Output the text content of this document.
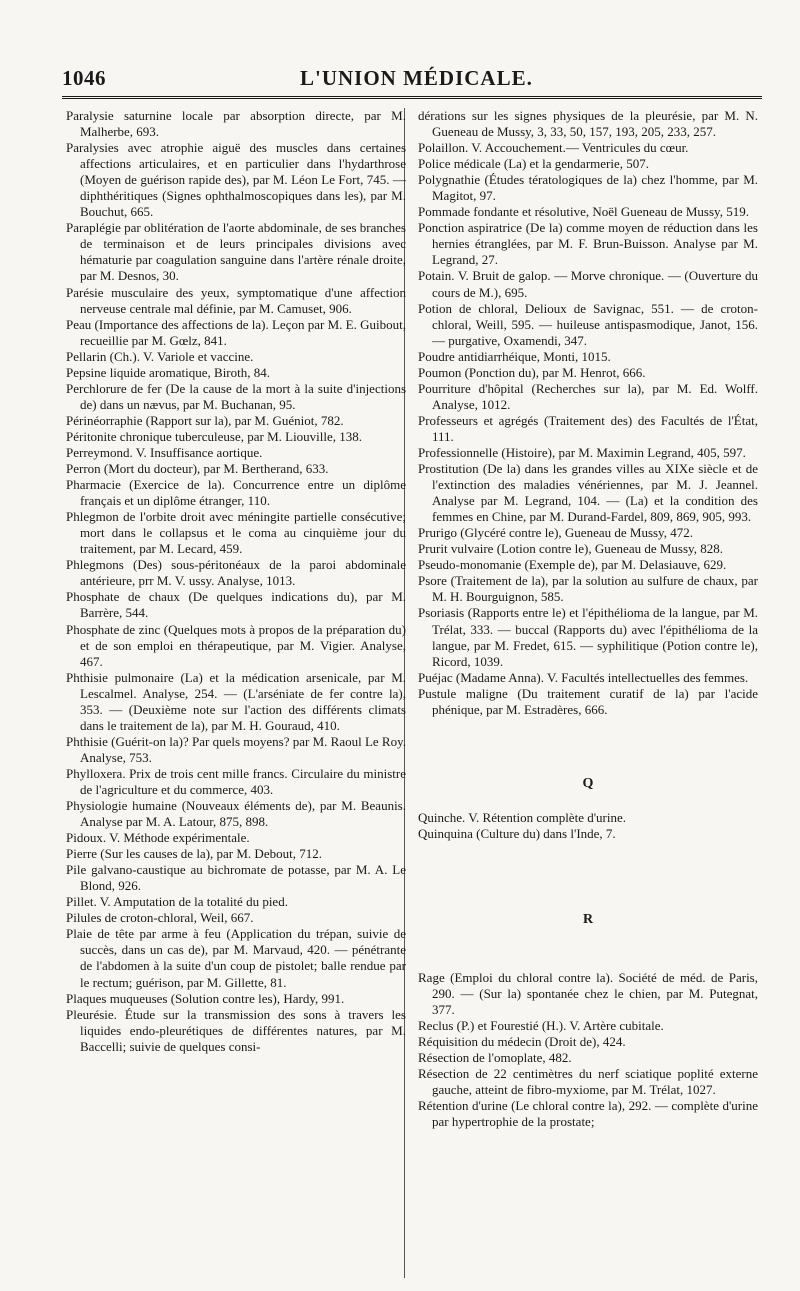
1046	L'UNION MÉDICALE.

Paralysie saturnine locale par absorption directe, par M. Malherbe, 693.

Paralysies avec atrophie aiguë des muscles dans certaines affections articulaires, et en particulier dans l'hydarthrose (Moyen de guérison rapide des), par M. Léon Le Fort, 745. — diphthéritiques (Signes ophthalmoscopiques dans les), par M. Bouchut, 665.

Paraplégie par oblitération de l'aorte abdominale, de ses branches de terminaison et de leurs principales divisions avec hématurie par coagulation sanguine dans l'artère rénale droite, par M. Desnos, 30.

Parésie musculaire des yeux, symptomatique d'une affection nerveuse centrale mal définie, par M. Camuset, 906.

Peau (Importance des affections de la). Leçon par M. E. Guibout, recueillie par M. Gœlz, 841.

Pellarin (Ch.). V. Variole et vaccine.

Pepsine liquide aromatique, Biroth, 84.

Perchlorure de fer (De la cause de la mort à la suite d'injections de) dans un nævus, par M. Buchanan, 95.

Périnéorraphie (Rapport sur la), par M. Guéniot, 782.

Péritonite chronique tuberculeuse, par M. Liouville, 138.

Perreymond. V. Insuffisance aortique.

Perron (Mort du docteur), par M. Bertherand, 633.

Pharmacie (Exercice de la). Concurrence entre un diplôme français et un diplôme étranger, 110.

Phlegmon de l'orbite droit avec méningite partielle consécutive; mort dans le collapsus et le coma au cinquième jour du traitement, par M. Lecard, 459.

Phlegmons (Des) sous-péritonéaux de la paroi abdominale antérieure, prr M. V. ussy. Analyse, 1013.

Phosphate de chaux (De quelques indications du), par M. Barrère, 544.

Phosphate de zinc (Quelques mots à propos de la préparation du) et de son emploi en thérapeutique, par M. Vigier. Analyse, 467.

Phthisie pulmonaire (La) et la médication arsenicale, par M. Lescalmel. Analyse, 254. — (L'arséniate de fer contre la), 353. — (Deuxième note sur l'action des différents climats dans le traitement de la), par M. H. Gouraud, 410.

Phthisie (Guérit-on la)? Par quels moyens? par M. Raoul Le Roy. Analyse, 753.

Phylloxera. Prix de trois cent mille francs. Circulaire du ministre de l'agriculture et du commerce, 403.

Physiologie humaine (Nouveaux éléments de), par M. Beaunis. Analyse par M. A. Latour, 875, 898.

Pidoux. V. Méthode expérimentale.

Pierre (Sur les causes de la), par M. Debout, 712.

Pile galvano-caustique au bichromate de potasse, par M. A. Le Blond, 926.

Pillet. V. Amputation de la totalité du pied.

Pilules de croton-chloral, Weil, 667.

Plaie de tête par arme à feu (Application du trépan, suivie de succès, dans un cas de), par M. Marvaud, 420. — pénétrante de l'abdomen à la suite d'un coup de pistolet; balle rendue par le rectum; guérison, par M. Gillette, 81.

Plaques muqueuses (Solution contre les), Hardy, 991.

Pleurésie. Étude sur la transmission des sons à travers les liquides endo-pleurétiques de différentes natures, par M. Baccelli; suivie de quelques consi-

dérations sur les signes physiques de la pleurésie, par M. N. Gueneau de Mussy, 3, 33, 50, 157, 193, 205, 233, 257.

Polaillon. V. Accouchement.— Ventricules du cœur.

Police médicale (La) et la gendarmerie, 507.

Polygnathie (Études tératologiques de la) chez l'homme, par M. Magitot, 97.

Pommade fondante et résolutive, Noël Gueneau de Mussy, 519.

Ponction aspiratrice (De la) comme moyen de réduction dans les hernies étranglées, par M. F. Brun-Buisson. Analyse par M. Legrand, 27.

Potain. V. Bruit de galop. — Morve chronique. — (Ouverture du cours de M.), 695.

Potion de chloral, Delioux de Savignac, 551. — de croton-chloral, Weill, 595. — huileuse antispasmodique, Janot, 156. — purgative, Oxamendi, 347.

Poudre antidiarrhéique, Monti, 1015.

Poumon (Ponction du), par M. Henrot, 666.

Pourriture d'hôpital (Recherches sur la), par M. Ed. Wolff. Analyse, 1012.

Professeurs et agrégés (Traitement des) des Facultés de l'État, 111.

Professionnelle (Histoire), par M. Maximin Legrand, 405, 597.

Prostitution (De la) dans les grandes villes au XIXe siècle et de l'extinction des maladies vénériennes, par M. J. Jeannel. Analyse par M. Legrand, 104. — (La) et la condition des femmes en Chine, par M. Durand-Fardel, 809, 869, 905, 993.

Prurigo (Glycéré contre le), Gueneau de Mussy, 472.

Prurit vulvaire (Lotion contre le), Gueneau de Mussy, 828.

Pseudo-monomanie (Exemple de), par M. Delasiauve, 629.

Psore (Traitement de la), par la solution au sulfure de chaux, par M. H. Bourguignon, 585.

Psoriasis (Rapports entre le) et l'épithélioma de la langue, par M. Trélat, 333. — buccal (Rapports du) avec l'épithélioma de la langue, par M. Fredet, 615. — syphilitique (Potion contre le), Ricord, 1039.

Puéjac (Madame Anna). V. Facultés intellectuelles des femmes.

Pustule maligne (Du traitement curatif de la) par l'acide phénique, par M. Estradères, 666.

Q

Quinche. V. Rétention complète d'urine.

Quinquina (Culture du) dans l'Inde, 7.

R

Rage (Emploi du chloral contre la). Société de méd. de Paris, 290. — (Sur la) spontanée chez le chien, par M. Putegnat, 377.

Reclus (P.) et Fourestié (H.). V. Artère cubitale.

Réquisition du médecin (Droit de), 424.

Résection de l'omoplate, 482.

Résection de 22 centimètres du nerf sciatique poplité externe gauche, atteint de fibro-myxiome, par M. Trélat, 1027.

Rétention d'urine (Le chloral contre la), 292. — complète d'urine par hypertrophie de la prostate;
